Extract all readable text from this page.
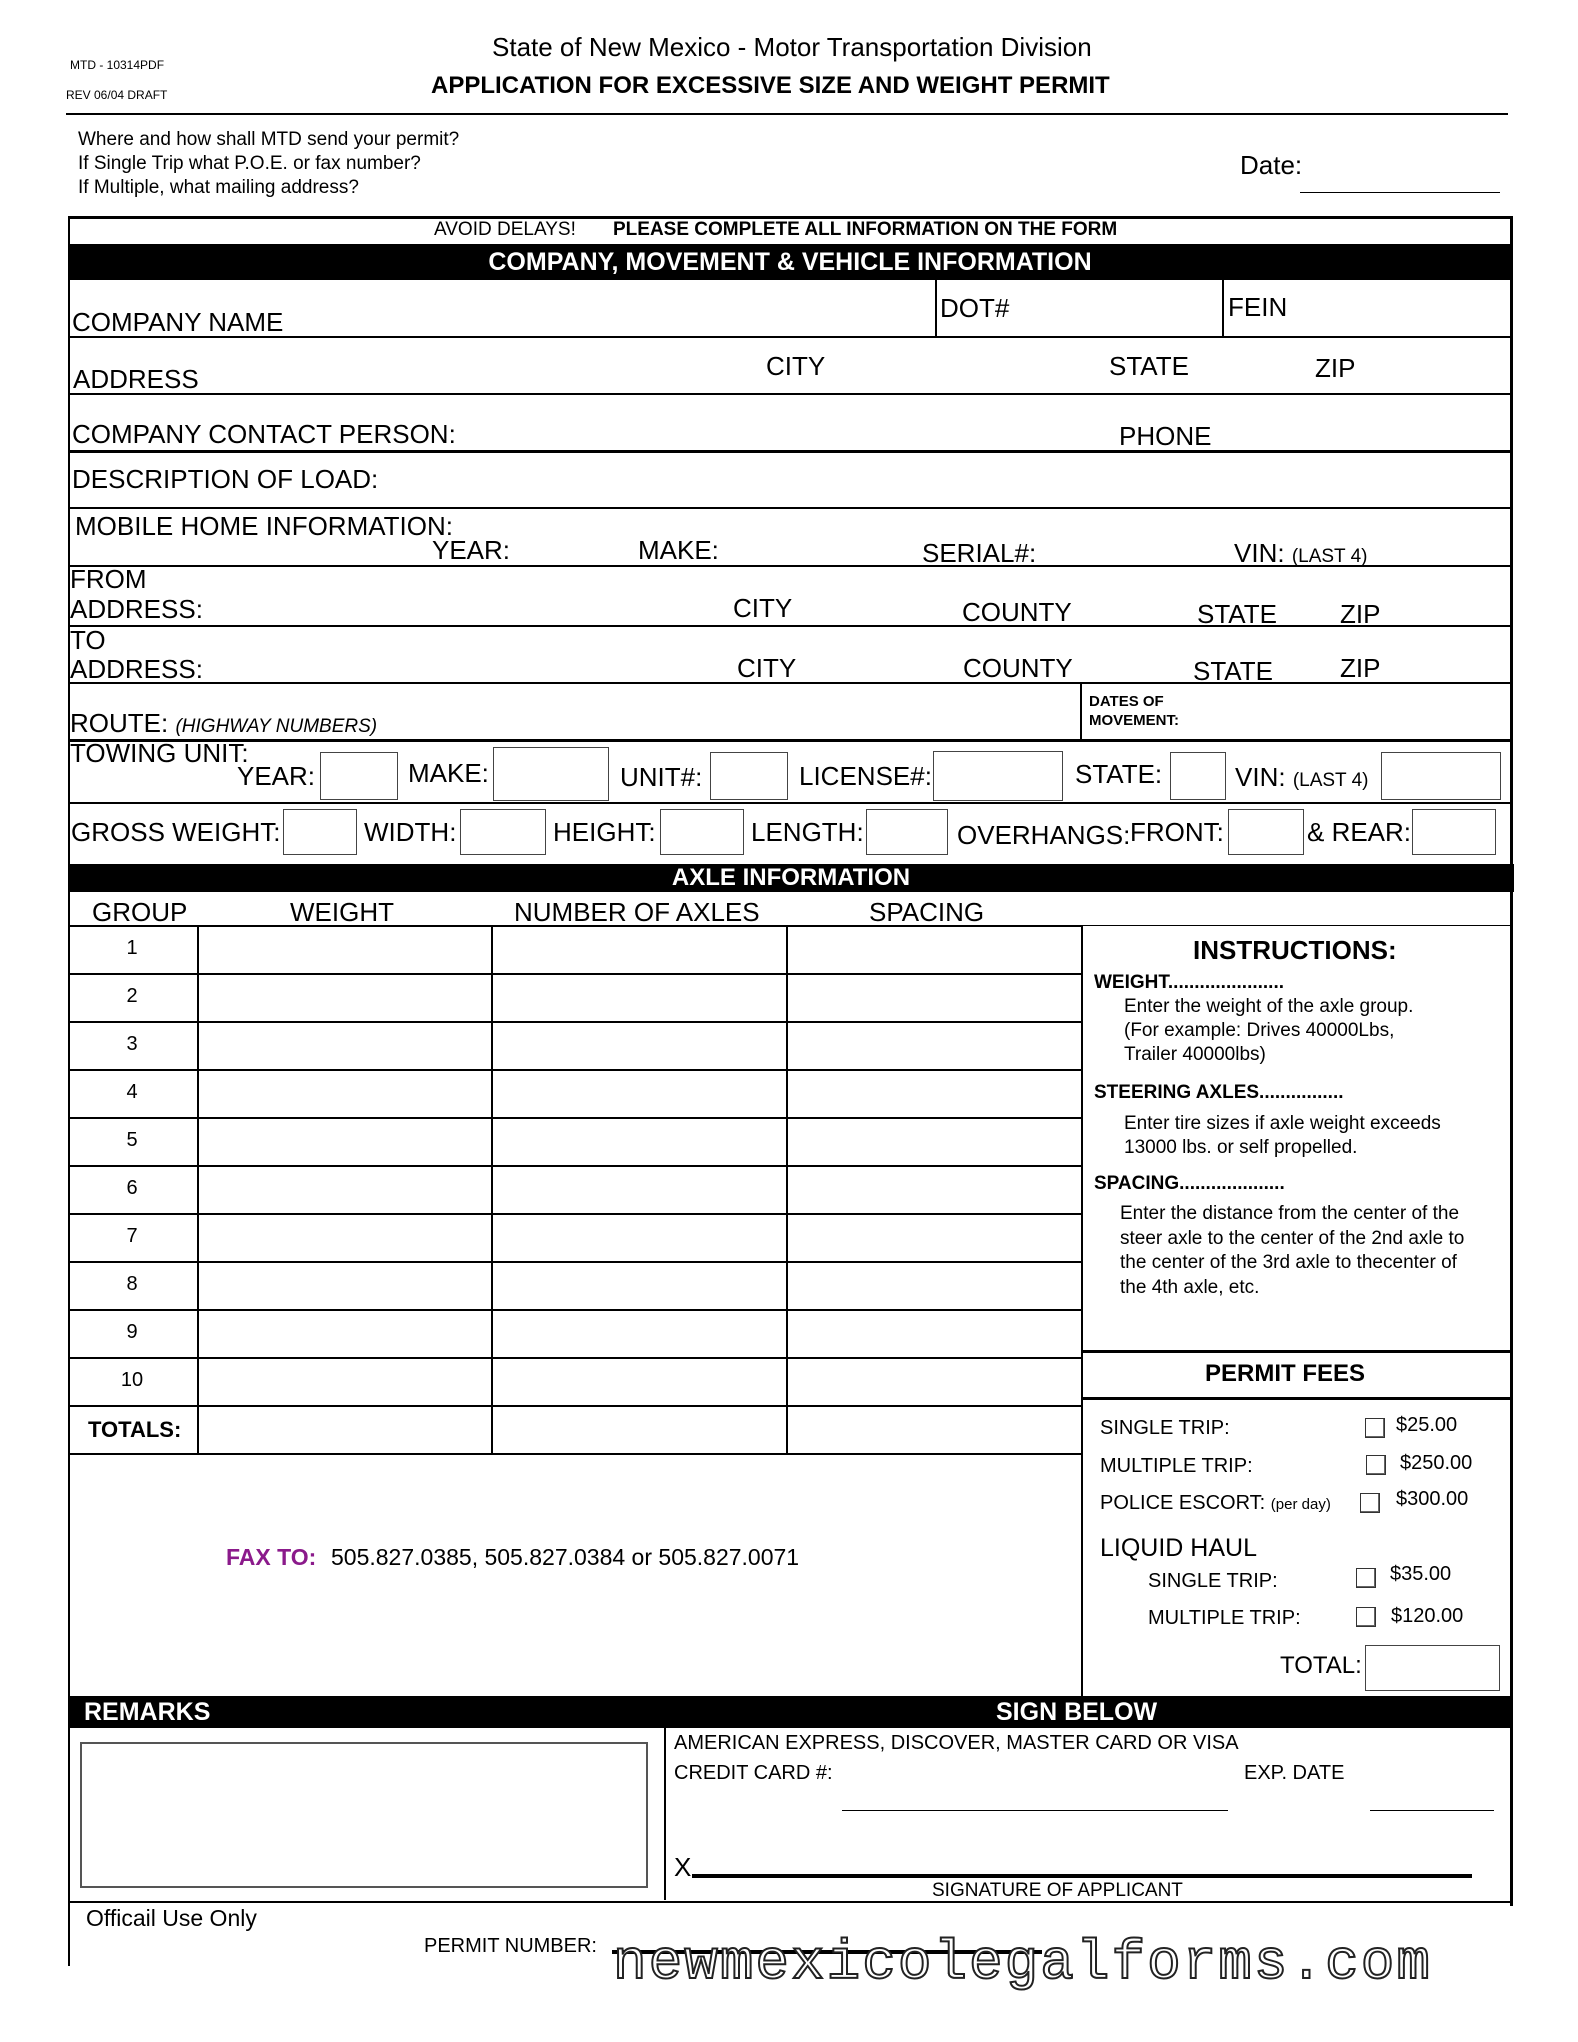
MTD - 10314PDF
REV 06/04 DRAFT
State of New Mexico - Motor Transportation Division
APPLICATION FOR EXCESSIVE SIZE AND WEIGHT PERMIT
Where and how shall MTD send your permit?
If Single Trip what P.O.E. or fax number?
If Multiple, what mailing address?
Date:
AVOID DELAYS! PLEASE COMPLETE ALL INFORMATION ON THE FORM
COMPANY, MOVEMENT & VEHICLE INFORMATION
COMPANY NAME	DOT#	FEIN
ADDRESS	CITY	STATE	ZIP
COMPANY CONTACT PERSON:	PHONE
DESCRIPTION OF LOAD:
MOBILE HOME INFORMATION:
YEAR:	MAKE:	SERIAL#:	VIN: (LAST 4)
FROM
ADDRESS:	CITY	COUNTY	STATE ZIP
TO
ADDRESS:	CITY	COUNTY	STATE	ZIP
ROUTE: (HIGHWAY NUMBERS)
DATES OF
MOVEMENT:
TOWING UNIT:
YEAR:	MAKE:	UNIT#:	LICENSE#:	STATE:	VIN: (LAST 4)
GROSS WEIGHT:	WIDTH:	HEIGHT:	LENGTH:	OVERHANGS: FRONT:	& REAR:
AXLE INFORMATION
GROUP	WEIGHT	NUMBER OF AXLES	SPACING
1
2
3
4
5
6
7
8
9
10
TOTALS:
INSTRUCTIONS:
WEIGHT......................
Enter the weight of the axle group.
(For example: Drives 40000Lbs,
Trailer 40000lbs)
STEERING AXLES................
Enter tire sizes if axle weight exceeds
13000 lbs. or self propelled.
SPACING....................
Enter the distance from the center of the
steer axle to the center of the 2nd axle to
the center of the 3rd axle to thecenter of
the 4th axle, etc.
PERMIT FEES
SINGLE TRIP:	$25.00
MULTIPLE TRIP:	$250.00
POLICE ESCORT: (per day)	$300.00
LIQUID HAUL
SINGLE TRIP:	$35.00
MULTIPLE TRIP:	$120.00
TOTAL:
FAX TO: 505.827.0385, 505.827.0384 or 505.827.0071
REMARKS	SIGN BELOW
AMERICAN EXPRESS, DISCOVER, MASTER CARD OR VISA
CREDIT CARD #:	EXP. DATE
X
SIGNATURE OF APPLICANT
Officail Use Only
PERMIT NUMBER: newmexicolegalforms.com
